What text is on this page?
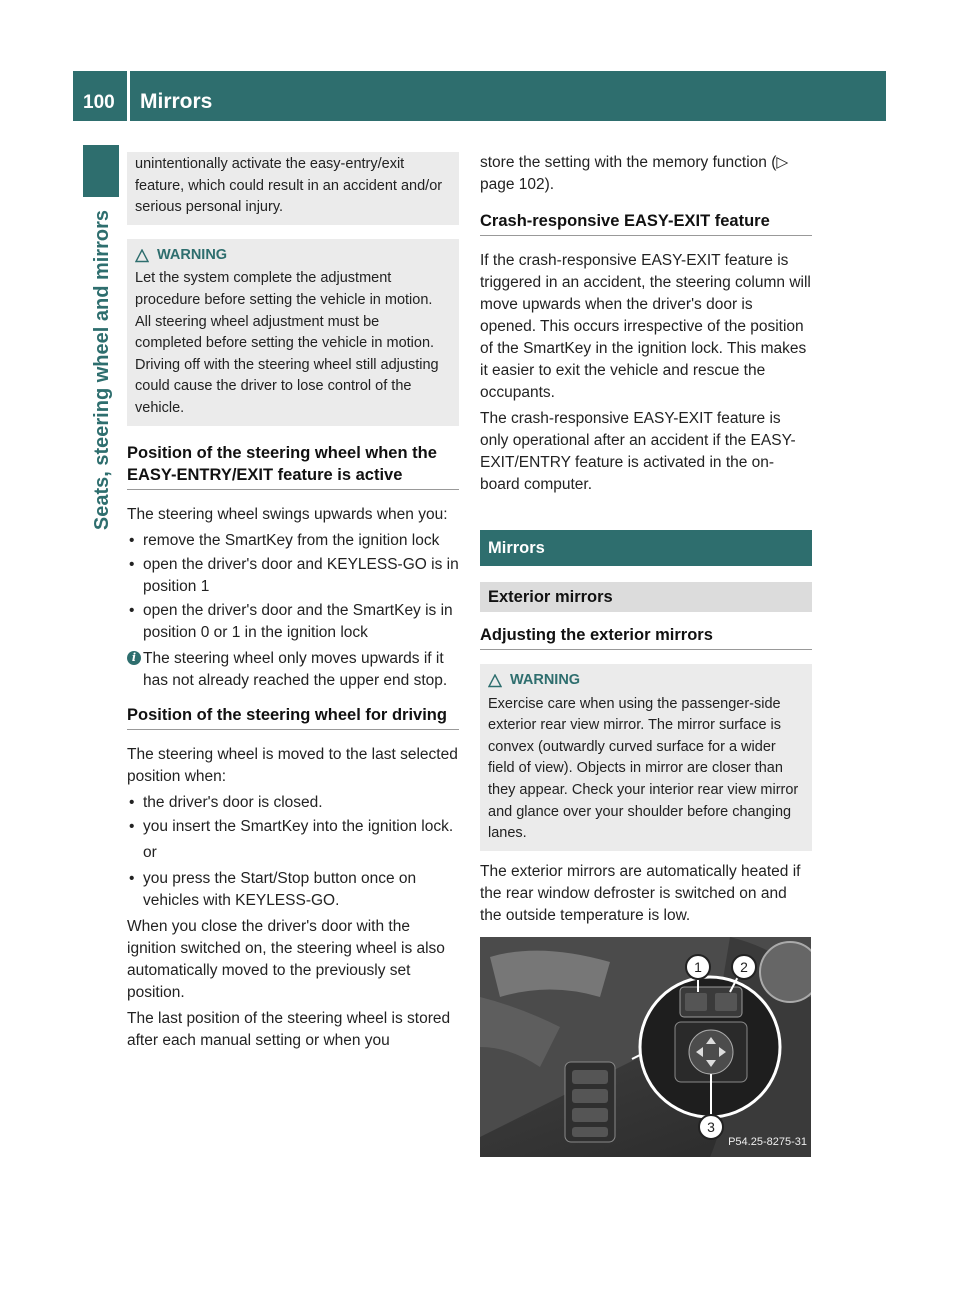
100	Mirrors
Seats, steering wheel and mirrors
unintentionally activate the easy-entry/exit feature, which could result in an accident and/or serious personal injury.
WARNING
Let the system complete the adjustment procedure before setting the vehicle in motion. All steering wheel adjustment must be completed before setting the vehicle in motion. Driving off with the steering wheel still adjusting could cause the driver to lose control of the vehicle.
Position of the steering wheel when the EASY-ENTRY/EXIT feature is active

The steering wheel swings upwards when you:

• remove the SmartKey from the ignition lock
• open the driver's door and KEYLESS-GO is in position 1
• open the driver's door and the SmartKey is in position 0 or 1 in the ignition lock
i The steering wheel only moves upwards if it has not already reached the upper end stop.
Position of the steering wheel for driving

The steering wheel is moved to the last selected position when:

• the driver's door is closed.
• you insert the SmartKey into the ignition lock.
or
• you press the Start/Stop button once on vehicles with KEYLESS-GO.

When you close the driver's door with the ignition switched on, the steering wheel is also automatically moved to the previously set position.

The last position of the steering wheel is stored after each manual setting or when you

store the setting with the memory function (▷ page 102).

Crash-responsive EASY-EXIT feature

If the crash-responsive EASY-EXIT feature is triggered in an accident, the steering column will move upwards when the driver's door is opened. This occurs irrespective of the position of the SmartKey in the ignition lock. This makes it easier to exit the vehicle and rescue the occupants.

The crash-responsive EASY-EXIT feature is only operational after an accident if the EASY-EXIT/ENTRY feature is activated in the on-board computer.

Mirrors
Exterior mirrors
Adjusting the exterior mirrors
WARNING
Exercise care when using the passenger-side exterior rear view mirror. The mirror surface is convex (outwardly curved surface for a wider field of view). Objects in mirror are closer than they appear. Check your interior rear view mirror and glance over your shoulder before changing lanes.

The exterior mirrors are automatically heated if the rear window defroster is switched on and the outside temperature is low.

1	2
3
P54.25-8275-31
